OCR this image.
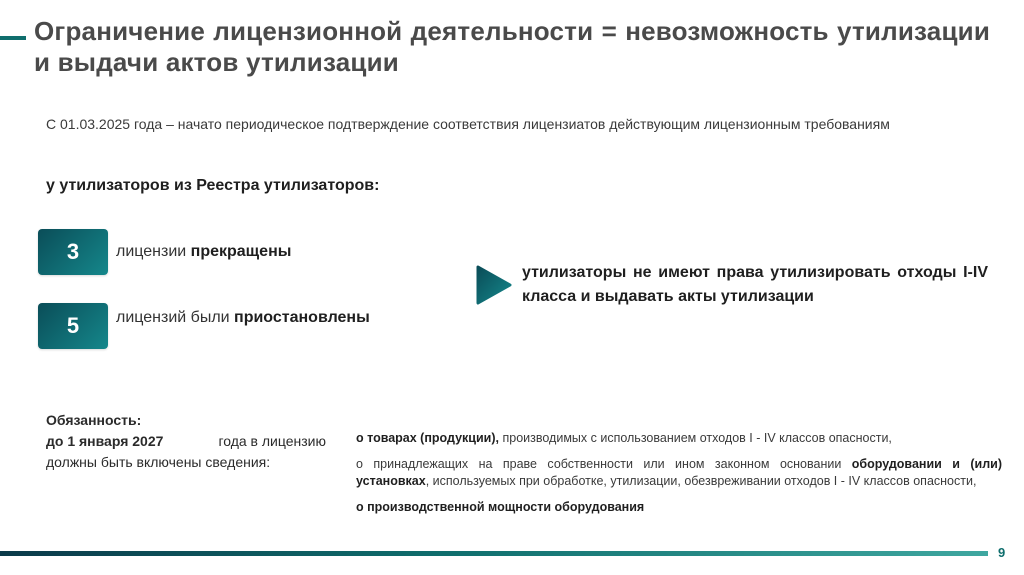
Ограничение лицензионной деятельности = невозможность утилизации и выдачи актов утилизации
С 01.03.2025 года – начато периодическое подтверждение соответствия лицензиатов действующим лицензионным требованиям
у утилизаторов из Реестра утилизаторов:
3	лицензии прекращены
5	лицензий были приостановлены

утилизаторы не имеют права утилизировать отходы I-IV класса и выдавать акты утилизации

Обязанность:
до 1 января 2027	года в лицензию
должны быть включены сведения:

о товарах (продукции), производимых с использованием отходов I - IV классов опасности,

о принадлежащих на праве собственности или ином законном основании оборудовании и (или) установках, используемых при обработке, утилизации, обезвреживании отходов I - IV классов опасности,

о производственной мощности оборудования

9
